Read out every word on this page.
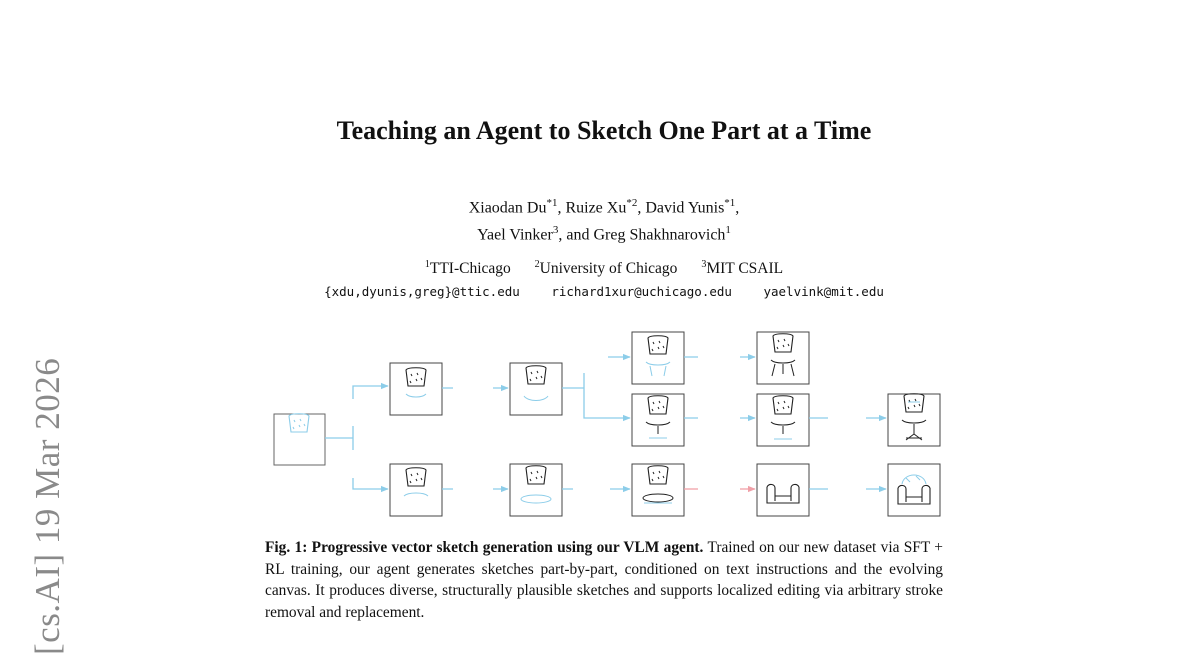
[cs.AI] 19 Mar 2026
Teaching an Agent to Sketch One Part at a Time
Xiaodan Du$^{*1}$, Ruize Xu$^{*2}$, David Yunis$^{*1}$,
Yael Vinker$^3$, and Greg Shakhnarovich$^1$
$^1$TTI-Chicago $^2$University of Chicago $^3$MIT CSAIL
{xdu,dyunis,greg}@ttic.edu	richard1xur@uchicago.edu	yaelvink@mit.edu
Fig. 1: Progressive vector sketch generation using our VLM agent. Trained on our new dataset via SFT + RL training, our agent generates sketches part-by-part, conditioned on text instructions and the evolving canvas. It produces diverse, structurally plausible sketches and supports localized editing via arbitrary stroke removal and replacement.
